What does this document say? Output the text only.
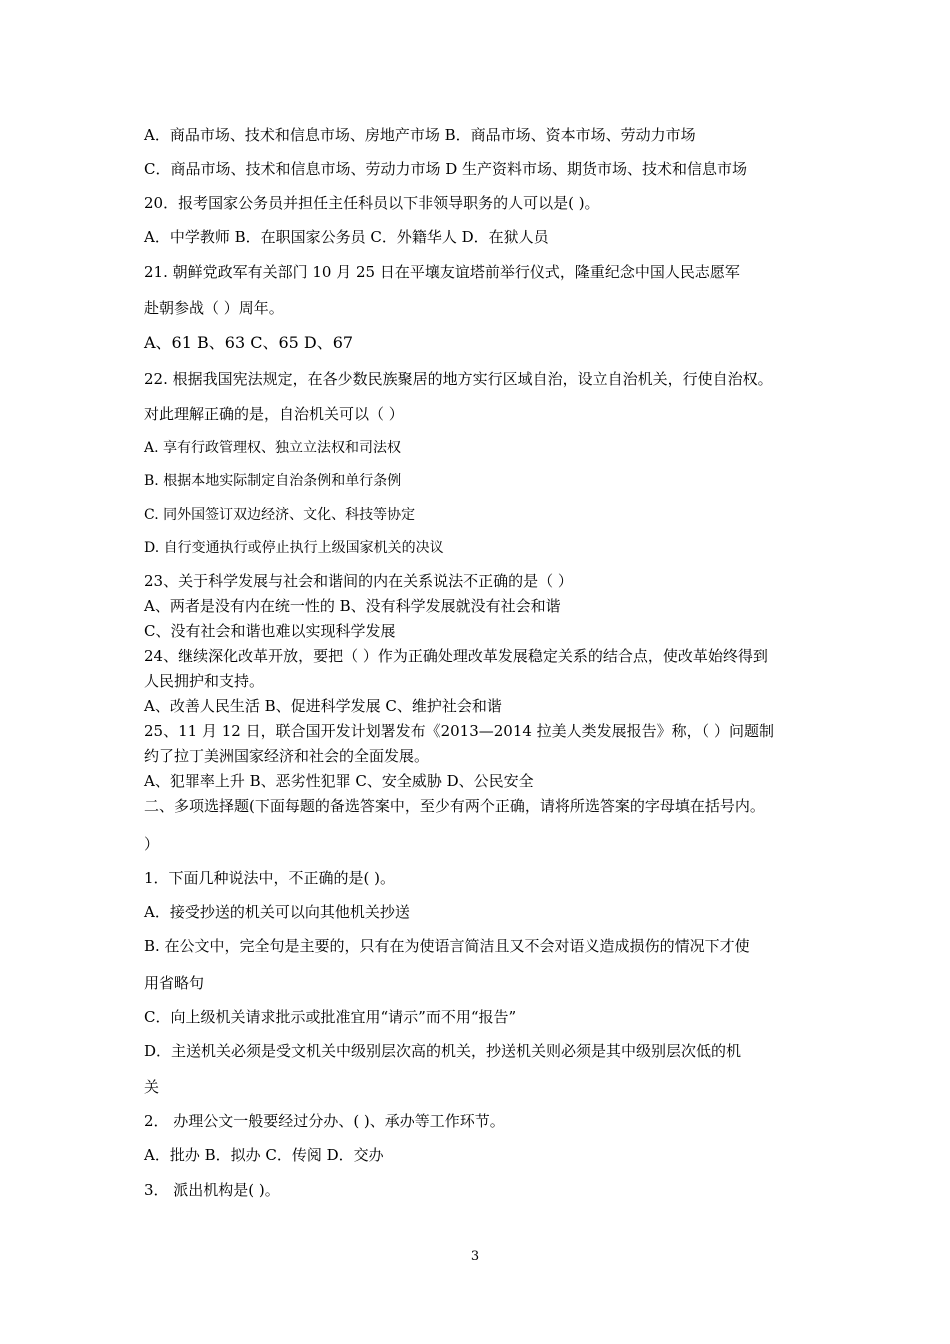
A．商品市场、技术和信息市场、房地产市场 B．商品市场、资本市场、劳动力市场

C．商品市场、技术和信息市场、劳动力市场 D 生产资料市场、期货市场、技术和信息市场

20．报考国家公务员并担任主任科员以下非领导职务的人可以是( )。

A．中学教师 B．在职国家公务员 C．外籍华人 D．在狱人员

21. 朝鲜党政军有关部门 10 月 25 日在平壤友谊塔前举行仪式，隆重纪念中国人民志愿军

赴朝参战（ ）周年。

A、61 B、63 C、65 D、67

22. 根据我国宪法规定，在各少数民族聚居的地方实行区域自治，设立自治机关，行使自治权。

对此理解正确的是，自治机关可以（ ）

A. 享有行政管理权、独立立法权和司法权

B. 根据本地实际制定自治条例和单行条例

C. 同外国签订双边经济、文化、科技等协定

D. 自行变通执行或停止执行上级国家机关的决议

23、关于科学发展与社会和谐间的内在关系说法不正确的是（ ）

A、两者是没有内在统一性的 B、没有科学发展就没有社会和谐

C、没有社会和谐也难以实现科学发展

24、继续深化改革开放，要把（ ）作为正确处理改革发展稳定关系的结合点，使改革始终得到

人民拥护和支持。

A、改善人民生活 B、促进科学发展 C、维护社会和谐

25、11 月 12 日，联合国开发计划署发布《2013—2014 拉美人类发展报告》称，（ ）问题制

约了拉丁美洲国家经济和社会的全面发展。

A、犯罪率上升 B、恶劣性犯罪 C、安全威胁 D、公民安全

二、多项选择题(下面每题的备选答案中，至少有两个正确，请将所选答案的字母填在括号内。

）

1．下面几种说法中，不正确的是( )。

A．接受抄送的机关可以向其他机关抄送

B. 在公文中，完全句是主要的，只有在为使语言简洁且又不会对语义造成损伤的情况下才使

用省略句

C．向上级机关请求批示或批准宜用“请示”而不用“报告”

D．主送机关必须是受文机关中级别层次高的机关，抄送机关则必须是其中级别层次低的机

关

2． 办理公文一般要经过分办、( )、承办等工作环节。

A．批办 B．拟办 C．传阅 D．交办

3． 派出机构是( )。

3
